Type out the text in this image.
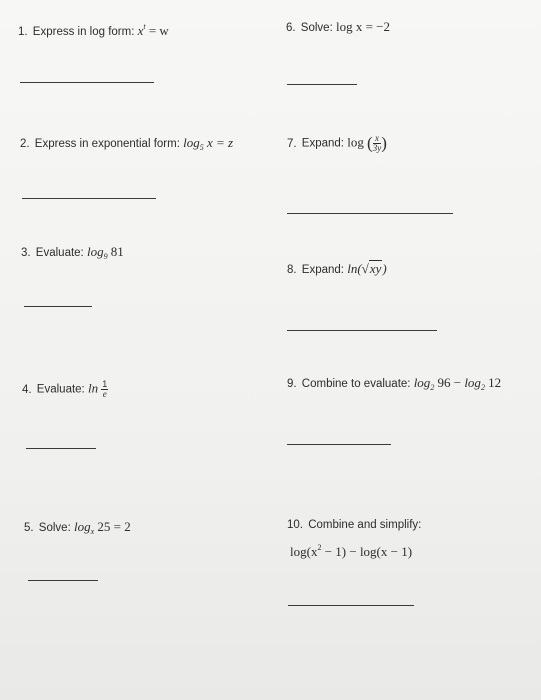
1. Express in log form: $x^t = w$	6. Solve: log x = −2
2. Express in exponential form: $\log_5 x = z$	7. Expand: log ( $\frac{x}{3y}$ )
3. Evaluate: $\log_9 81$
8. Expand: ln(√xy)
4. Evaluate: $\ln \frac{1}{e}$	9. Combine to evaluate: $\log_2 96 - \log_2 12$
5. Solve: $\log_x 25 = 2$	10. Combine and simplify:
$\log(x^2 - 1) - \log(x - 1)$
